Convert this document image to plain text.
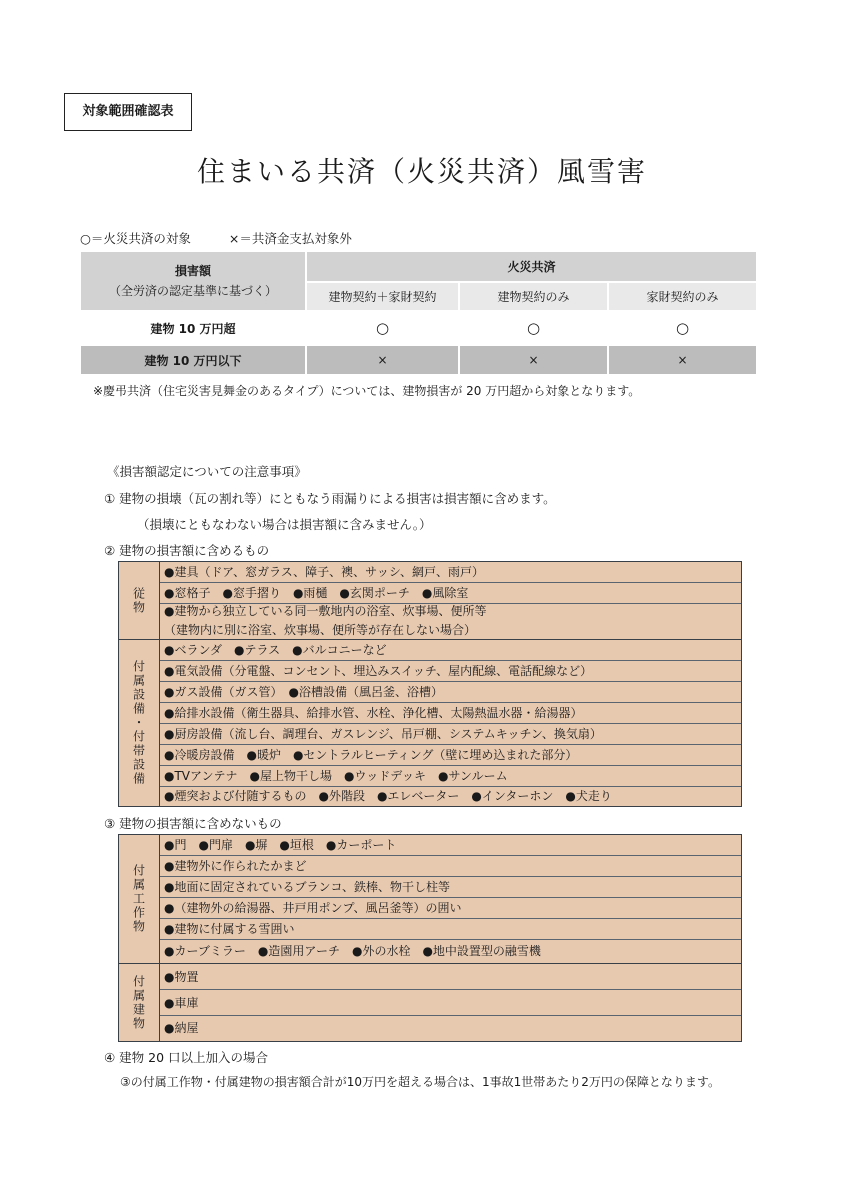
対象範囲確認表
住まいる共済（火災共済）風雪害
○＝火災共済の対象	×＝共済金支払対象外
損害額
（全労済の認定基準に基づく）	火災共済		
	建物契約＋家財契約	建物契約のみ	家財契約のみ
建物 10 万円超	○	○	○
建物 10 万円以下	×	×	×
※慶弔共済（住宅災害見舞金のあるタイプ）については、建物損害が 20 万円超から対象となります。
《損害額認定についての注意事項》
① 建物の損壊（瓦の割れ等）にともなう雨漏りによる損害は損害額に含めます。
（損壊にともなわない場合は損害額に含みません。）
② 建物の損害額に含めるもの
従物
●建具（ドア、窓ガラス、障子、襖、サッシ、網戸、雨戸）
●窓格子　●窓手摺り　●雨樋　●玄関ポーチ　●風除室
●建物から独立している同一敷地内の浴室、炊事場、便所等
（建物内に別に浴室、炊事場、便所等が存在しない場合）
付属設備・付帯設備
●ベランダ　●テラス　●バルコニーなど
●電気設備（分電盤、コンセント、埋込みスイッチ、屋内配線、電話配線など）
●ガス設備（ガス管）　●浴槽設備（風呂釜、浴槽）
●給排水設備（衛生器具、給排水管、水栓、浄化槽、太陽熱温水器・給湯器）
●厨房設備（流し台、調理台、ガスレンジ、吊戸棚、システムキッチン、換気扇）
●冷暖房設備　●暖炉　●セントラルヒーティング（壁に埋め込まれた部分）
●TVアンテナ　●屋上物干し場　●ウッドデッキ　●サンルーム
●煙突および付随するもの　●外階段　●エレベーター　●インターホン　●犬走り
③ 建物の損害額に含めないもの
付属工作物
●門　●門扉　●塀　●垣根　●カーポート
●建物外に作られたかまど
●地面に固定されているブランコ、鉄棒、物干し柱等
●（建物外の給湯器、井戸用ポンプ、風呂釜等）の囲い
●建物に付属する雪囲い
●カーブミラー　●造園用アーチ　●外の水栓　●地中設置型の融雪機
付属建物	●物置
●車庫
●納屋
④ 建物 20 口以上加入の場合
③の付属工作物・付属建物の損害額合計が10万円を超える場合は、1事故1世帯あたり2万円の保障となります。
